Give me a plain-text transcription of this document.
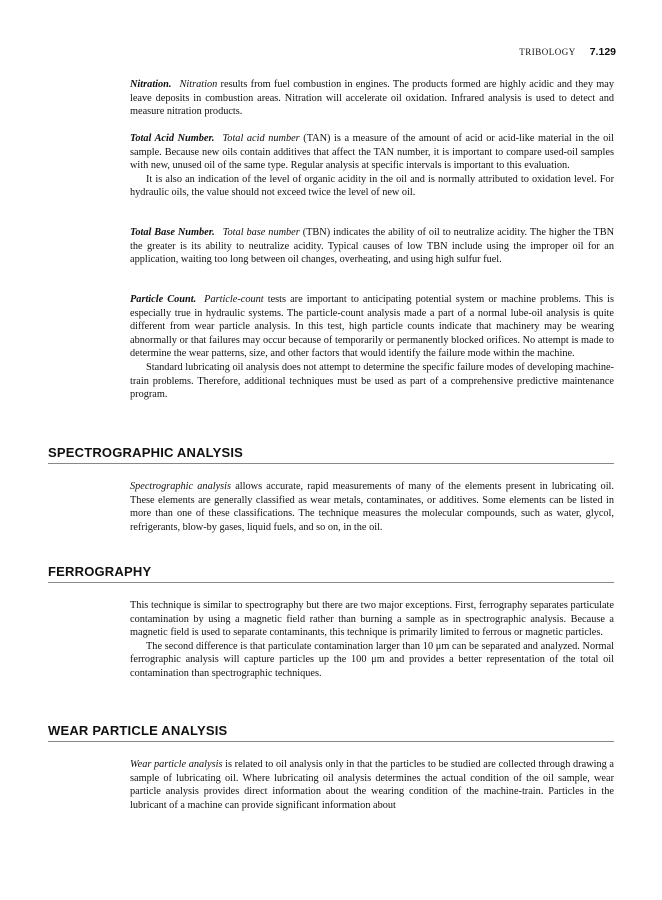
TRIBOLOGY 7.129

Nitration. Nitration results from fuel combustion in engines. The products formed are highly acidic and they may leave deposits in combustion areas. Nitration will accelerate oil oxidation. Infrared analysis is used to detect and measure nitration products.

Total Acid Number. Total acid number (TAN) is a measure of the amount of acid or acid-like material in the oil sample. Because new oils contain additives that affect the TAN number, it is important to compare used-oil samples with new, unused oil of the same type. Regular analysis at specific intervals is important to this evaluation.

It is also an indication of the level of organic acidity in the oil and is normally attributed to oxidation level. For hydraulic oils, the value should not exceed twice the level of new oil.

Total Base Number. Total base number (TBN) indicates the ability of oil to neutralize acidity. The higher the TBN the greater is its ability to neutralize acidity. Typical causes of low TBN include using the improper oil for an application, waiting too long between oil changes, overheating, and using high sulfur fuel.

Particle Count. Particle-count tests are important to anticipating potential system or machine problems. This is especially true in hydraulic systems. The particle-count analysis made a part of a normal lube-oil analysis is quite different from wear particle analysis. In this test, high particle counts indicate that machinery may be wearing abnormally or that failures may occur because of temporarily or permanently blocked orifices. No attempt is made to determine the wear patterns, size, and other factors that would identify the failure mode within the machine.

Standard lubricating oil analysis does not attempt to determine the specific failure modes of developing machine-train problems. Therefore, additional techniques must be used as part of a comprehensive predictive maintenance program.

SPECTROGRAPHIC ANALYSIS

Spectrographic analysis allows accurate, rapid measurements of many of the elements present in lubricating oil. These elements are generally classified as wear metals, contaminates, or additives. Some elements can be listed in more than one of these classifications. The technique measures the molecular compounds, such as water, glycol, refrigerants, blow-by gases, liquid fuels, and so on, in the oil.

FERROGRAPHY

This technique is similar to spectrography but there are two major exceptions. First, ferrography separates particulate contamination by using a magnetic field rather than burning a sample as in spectrographic analysis. Because a magnetic field is used to separate contaminants, this technique is primarily limited to ferrous or magnetic particles.

The second difference is that particulate contamination larger than 10 μm can be separated and analyzed. Normal ferrographic analysis will capture particles up the 100 μm and provides a better representation of the total oil contamination than spectrographic techniques.

WEAR PARTICLE ANALYSIS

Wear particle analysis is related to oil analysis only in that the particles to be studied are collected through drawing a sample of lubricating oil. Where lubricating oil analysis determines the actual condition of the oil sample, wear particle analysis provides direct information about the wearing condition of the machine-train. Particles in the lubricant of a machine can provide significant information about
